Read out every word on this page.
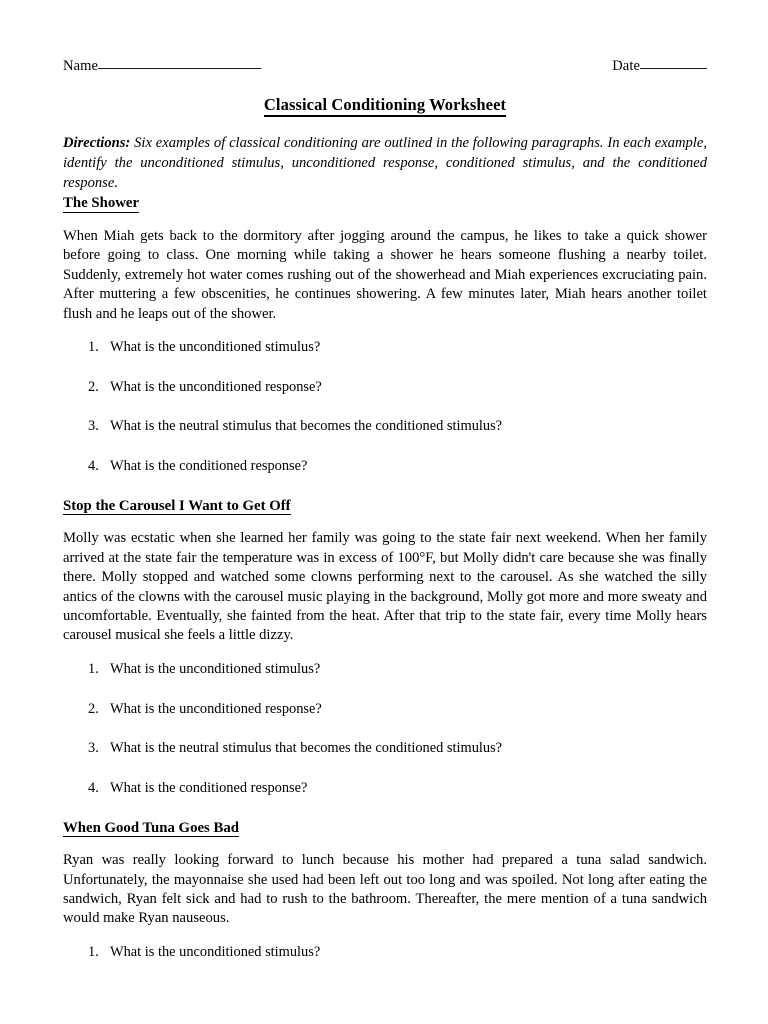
Name	Date
Classical Conditioning Worksheet

Directions: Six examples of classical conditioning are outlined in the following paragraphs. In each example, identify the unconditioned stimulus, unconditioned response, conditioned stimulus, and the conditioned response.

The Shower

When Miah gets back to the dormitory after jogging around the campus, he likes to take a quick shower before going to class. One morning while taking a shower he hears someone flushing a nearby toilet. Suddenly, extremely hot water comes rushing out of the showerhead and Miah experiences excruciating pain. After muttering a few obscenities, he continues showering. A few minutes later, Miah hears another toilet flush and he leaps out of the shower.

1. What is the unconditioned stimulus?
2. What is the unconditioned response?
3. What is the neutral stimulus that becomes the conditioned stimulus?
4. What is the conditioned response?
Stop the Carousel I Want to Get Off

Molly was ecstatic when she learned her family was going to the state fair next weekend. When her family arrived at the state fair the temperature was in excess of 100°F, but Molly didn't care because she was finally there. Molly stopped and watched some clowns performing next to the carousel. As she watched the silly antics of the clowns with the carousel music playing in the background, Molly got more and more sweaty and uncomfortable. Eventually, she fainted from the heat. After that trip to the state fair, every time Molly hears carousel musical she feels a little dizzy.

1. What is the unconditioned stimulus?
2. What is the unconditioned response?
3. What is the neutral stimulus that becomes the conditioned stimulus?
4. What is the conditioned response?
When Good Tuna Goes Bad

Ryan was really looking forward to lunch because his mother had prepared a tuna salad sandwich. Unfortunately, the mayonnaise she used had been left out too long and was spoiled. Not long after eating the sandwich, Ryan felt sick and had to rush to the bathroom. Thereafter, the mere mention of a tuna sandwich would make Ryan nauseous.

1. What is the unconditioned stimulus?
